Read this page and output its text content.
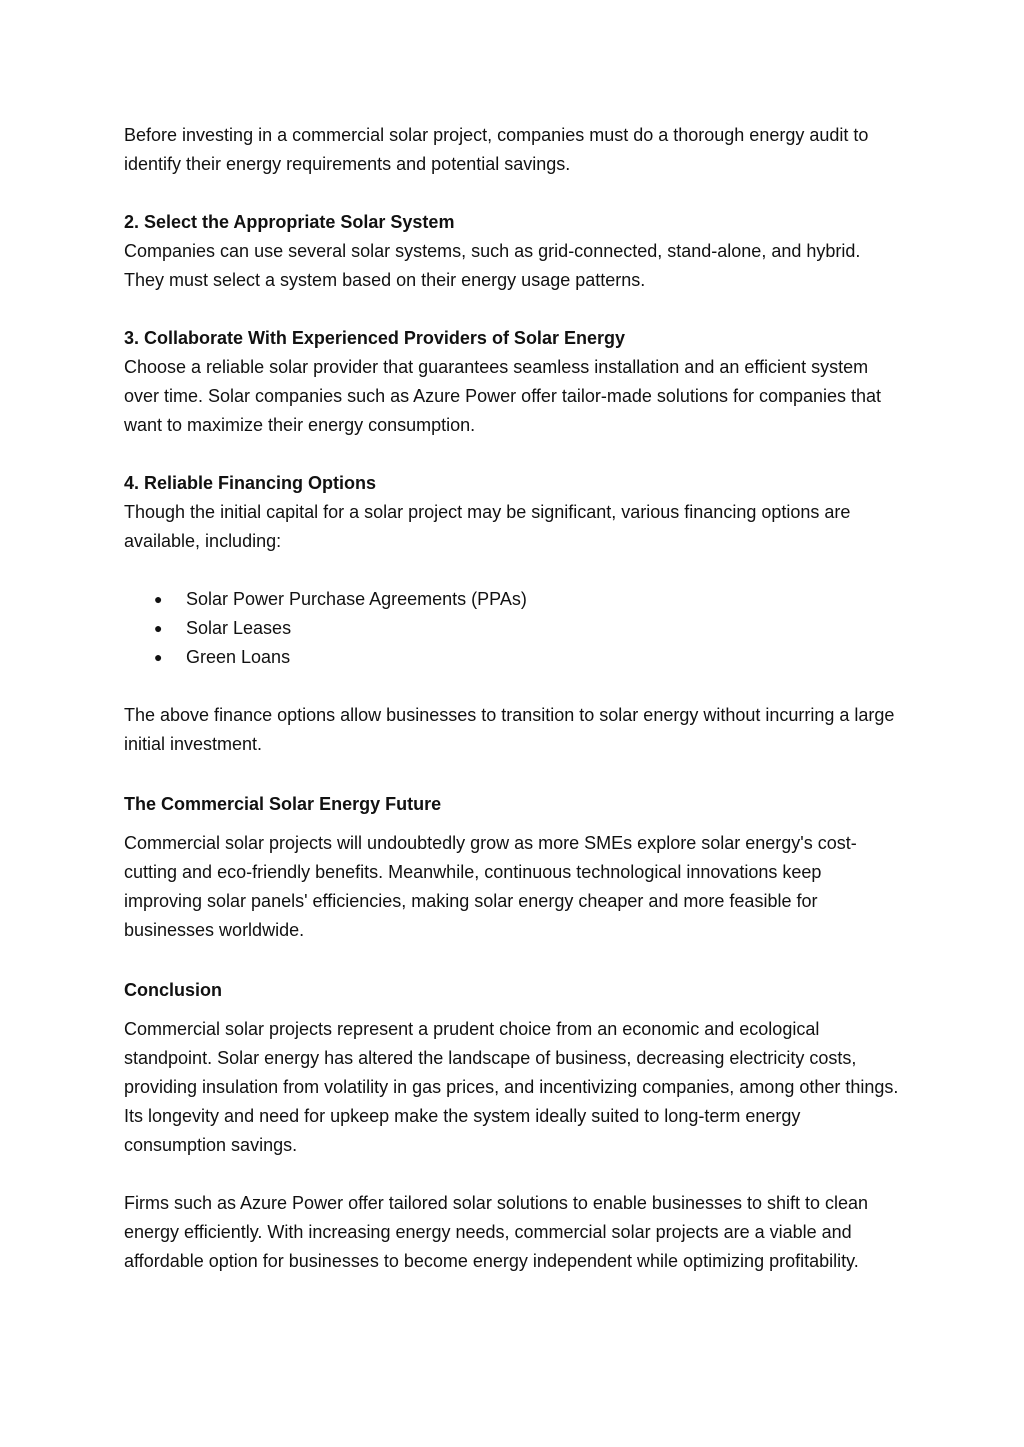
Before investing in a commercial solar project, companies must do a thorough energy audit to identify their energy requirements and potential savings.

2. Select the Appropriate Solar System

Companies can use several solar systems, such as grid-connected, stand-alone, and hybrid. They must select a system based on their energy usage patterns.

3. Collaborate With Experienced Providers of Solar Energy

Choose a reliable solar provider that guarantees seamless installation and an efficient system over time. Solar companies such as Azure Power offer tailor-made solutions for companies that want to maximize their energy consumption.

4. Reliable Financing Options

Though the initial capital for a solar project may be significant, various financing options are available, including:

●	Solar Power Purchase Agreements (PPAs)
●	Solar Leases
●	Green Loans

The above finance options allow businesses to transition to solar energy without incurring a large initial investment.

The Commercial Solar Energy Future

Commercial solar projects will undoubtedly grow as more SMEs explore solar energy's cost-cutting and eco-friendly benefits. Meanwhile, continuous technological innovations keep improving solar panels' efficiencies, making solar energy cheaper and more feasible for businesses worldwide.

Conclusion

Commercial solar projects represent a prudent choice from an economic and ecological standpoint. Solar energy has altered the landscape of business, decreasing electricity costs, providing insulation from volatility in gas prices, and incentivizing companies, among other things. Its longevity and need for upkeep make the system ideally suited to long-term energy consumption savings.

Firms such as Azure Power offer tailored solar solutions to enable businesses to shift to clean energy efficiently. With increasing energy needs, commercial solar projects are a viable and affordable option for businesses to become energy independent while optimizing profitability.
